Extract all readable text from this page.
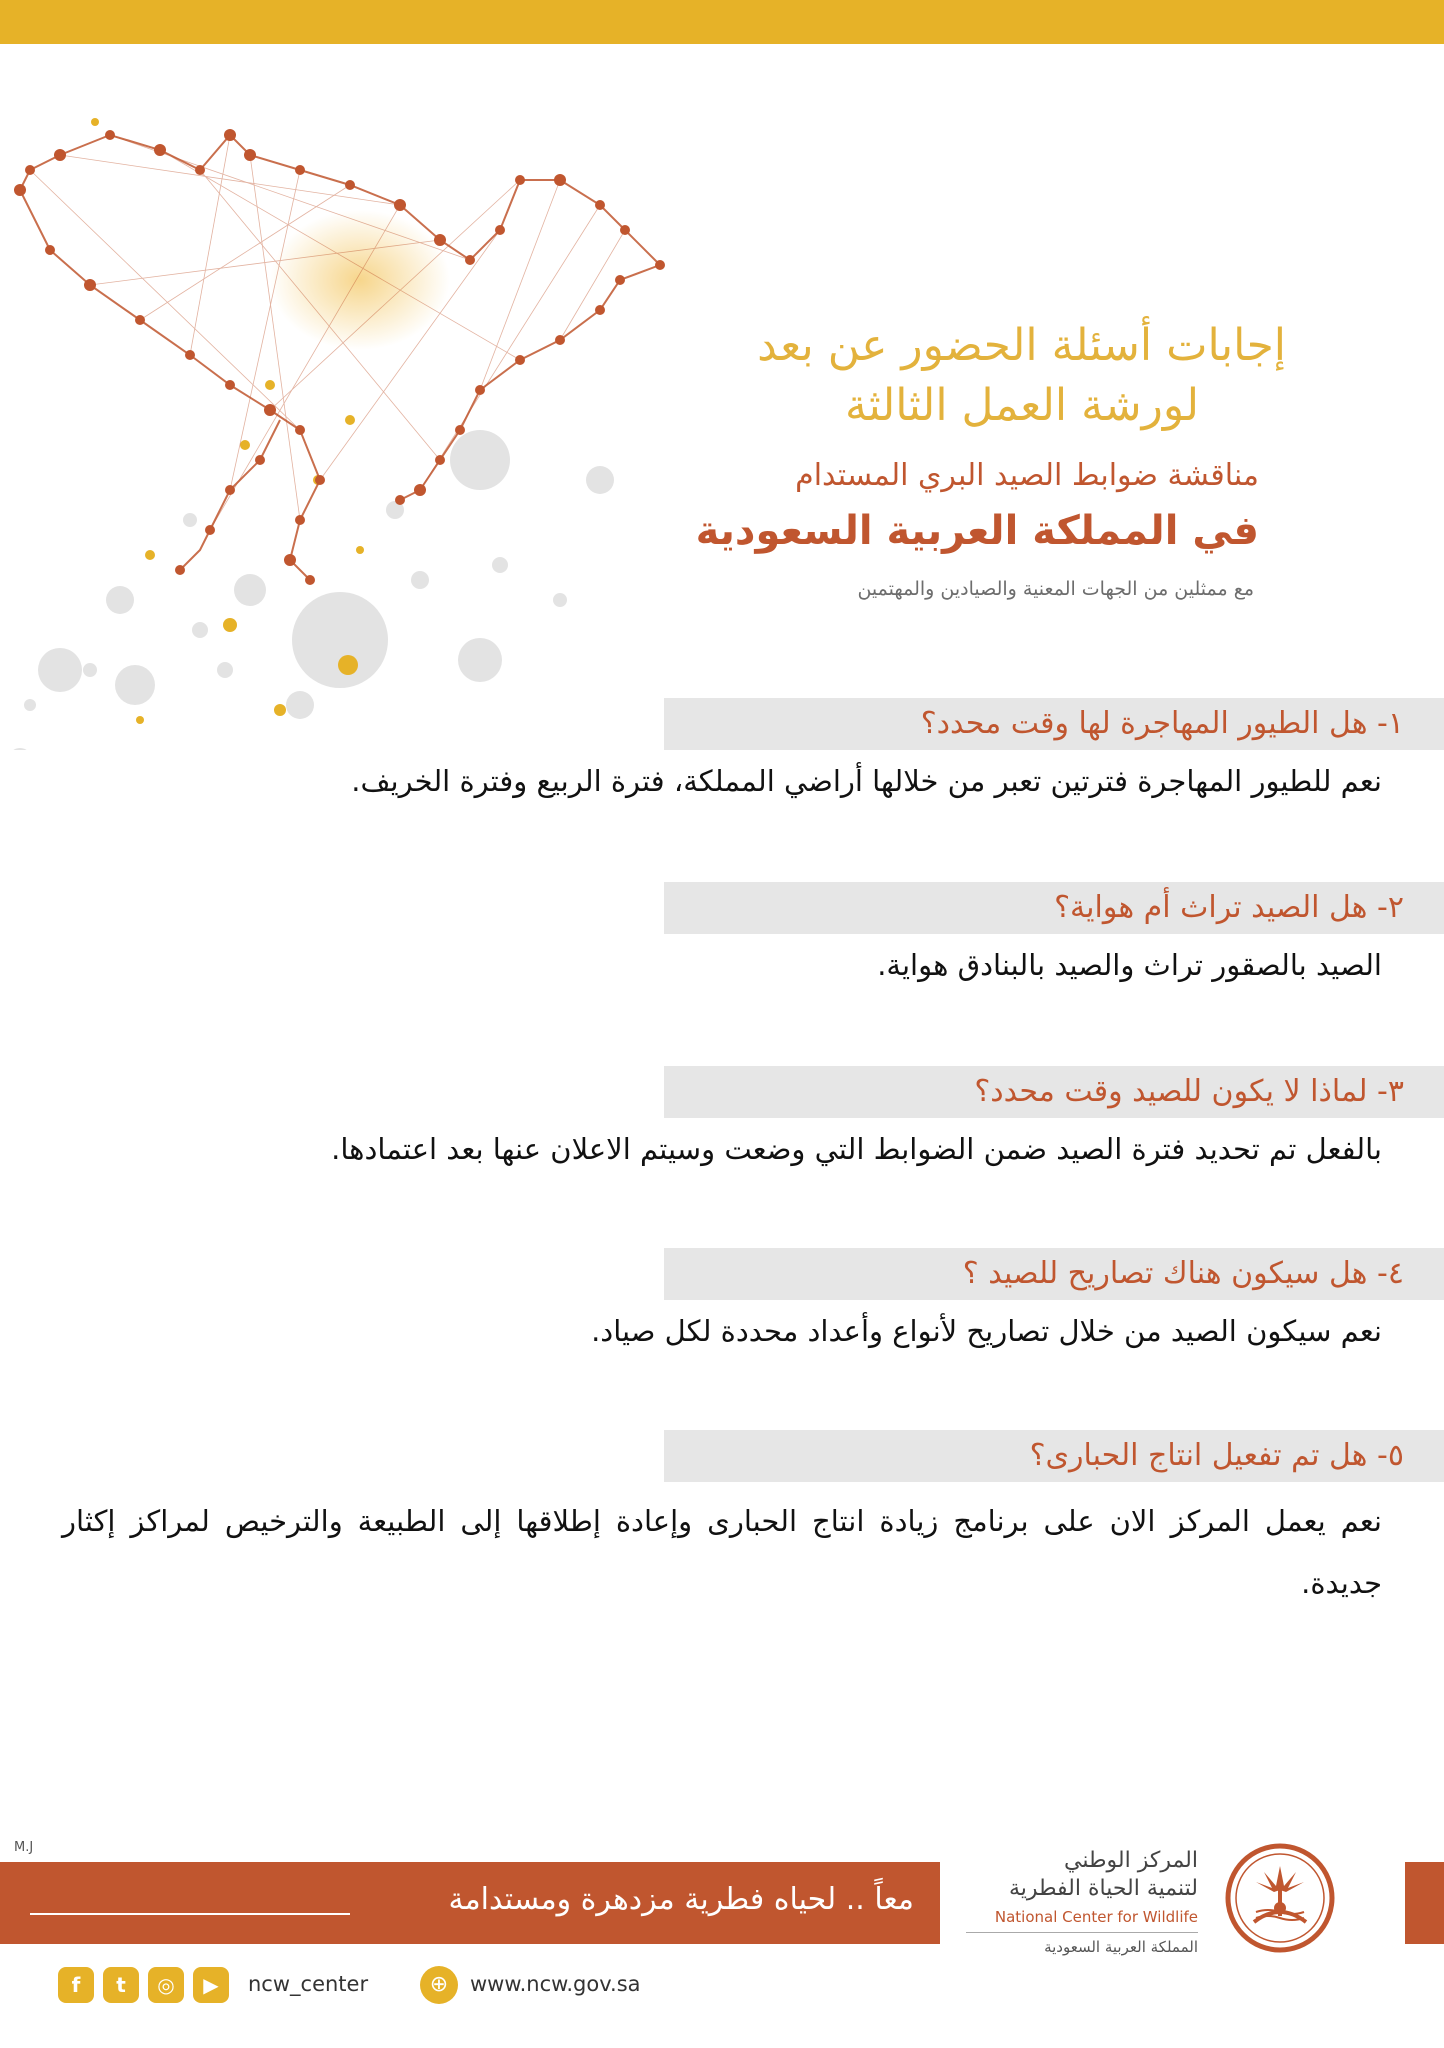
إجابات أسئلة الحضور عن بعد
لورشة العمل الثالثة
مناقشة ضوابط الصيد البري المستدام
في المملكة العربية السعودية
مع ممثلين من الجهات المعنية والصيادين والمهتمين
١- هل الطيور المهاجرة لها وقت محدد؟
نعم للطيور المهاجرة فترتين تعبر من خلالها أراضي المملكة، فترة الربيع وفترة الخريف.
٢- هل الصيد تراث أم هواية؟
الصيد بالصقور تراث والصيد بالبنادق هواية.
٣- لماذا لا يكون للصيد وقت محدد؟
بالفعل تم تحديد فترة الصيد ضمن الضوابط التي وضعت وسيتم الاعلان عنها بعد اعتمادها.
٤- هل سيكون هناك تصاريح للصيد ؟
نعم سيكون الصيد من خلال تصاريح لأنواع وأعداد محددة لكل صياد.
٥- هل تم تفعيل انتاج الحبارى؟
نعم يعمل المركز الان على برنامج زيادة انتاج الحبارى وإعادة إطلاقها إلى الطبيعة والترخيص لمراكز إكثار جديدة.
M.J
معاً .. لحياه فطرية مزدهرة ومستدامة
المركز الوطني
لتنمية الحياة الفطرية
National Center for Wildlife
المملكة العربية السعودية
f	t	◎	▶	ncw_center	⊕	www.ncw.gov.sa
